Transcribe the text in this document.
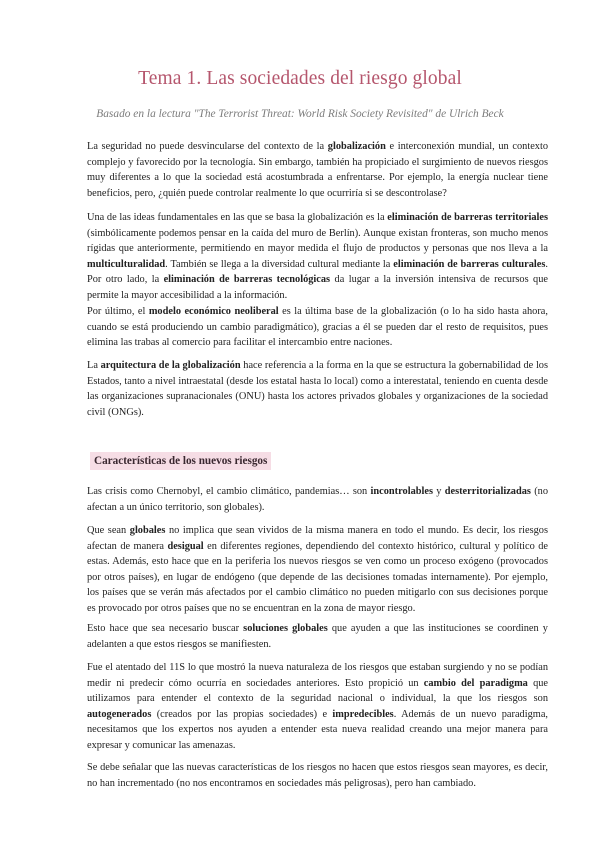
Tema 1. Las sociedades del riesgo global
Basado en la lectura "The Terrorist Threat: World Risk Society Revisited" de Ulrich Beck
La seguridad no puede desvincularse del contexto de la globalización e interconexión mundial, un contexto complejo y favorecido por la tecnología. Sin embargo, también ha propiciado el surgimiento de nuevos riesgos muy diferentes a lo que la sociedad está acostumbrada a enfrentarse. Por ejemplo, la energía nuclear tiene beneficios, pero, ¿quién puede controlar realmente lo que ocurriría si se descontrolase?
Una de las ideas fundamentales en las que se basa la globalización es la eliminación de barreras territoriales (simbólicamente podemos pensar en la caída del muro de Berlín). Aunque existan fronteras, son mucho menos rígidas que anteriormente, permitiendo en mayor medida el flujo de productos y personas que nos lleva a la multiculturalidad. También se llega a la diversidad cultural mediante la eliminación de barreras culturales. Por otro lado, la eliminación de barreras tecnológicas da lugar a la inversión intensiva de recursos que permite la mayor accesibilidad a la información.
Por último, el modelo económico neoliberal es la última base de la globalización (o lo ha sido hasta ahora, cuando se está produciendo un cambio paradigmático), gracias a él se pueden dar el resto de requisitos, pues elimina las trabas al comercio para facilitar el intercambio entre naciones.
La arquitectura de la globalización hace referencia a la forma en la que se estructura la gobernabilidad de los Estados, tanto a nivel intraestatal (desde los estatal hasta lo local) como a interestatal, teniendo en cuenta desde las organizaciones supranacionales (ONU) hasta los actores privados globales y organizaciones de la sociedad civil (ONGs).
Características de los nuevos riesgos
Las crisis como Chernobyl, el cambio climático, pandemias… son incontrolables y desterritorializadas (no afectan a un único territorio, son globales).
Que sean globales no implica que sean vividos de la misma manera en todo el mundo. Es decir, los riesgos afectan de manera desigual en diferentes regiones, dependiendo del contexto histórico, cultural y político de estas. Además, esto hace que en la periferia los nuevos riesgos se ven como un proceso exógeno (provocados por otros países), en lugar de endógeno (que depende de las decisiones tomadas internamente). Por ejemplo, los países que se verán más afectados por el cambio climático no pueden mitigarlo con sus decisiones porque es provocado por otros países que no se encuentran en la zona de mayor riesgo.
Esto hace que sea necesario buscar soluciones globales que ayuden a que las instituciones se coordinen y adelanten a que estos riesgos se manifiesten.
Fue el atentado del 11S lo que mostró la nueva naturaleza de los riesgos que estaban surgiendo y no se podían medir ni predecir cómo ocurría en sociedades anteriores. Esto propició un cambio del paradigma que utilizamos para entender el contexto de la seguridad nacional o individual, la que los riesgos son autogenerados (creados por las propias sociedades) e impredecibles. Además de un nuevo paradigma, necesitamos que los expertos nos ayuden a entender esta nueva realidad creando una mejor manera para expresar y comunicar las amenazas.
Se debe señalar que las nuevas características de los riesgos no hacen que estos riesgos sean mayores, es decir, no han incrementado (no nos encontramos en sociedades más peligrosas), pero han cambiado.
